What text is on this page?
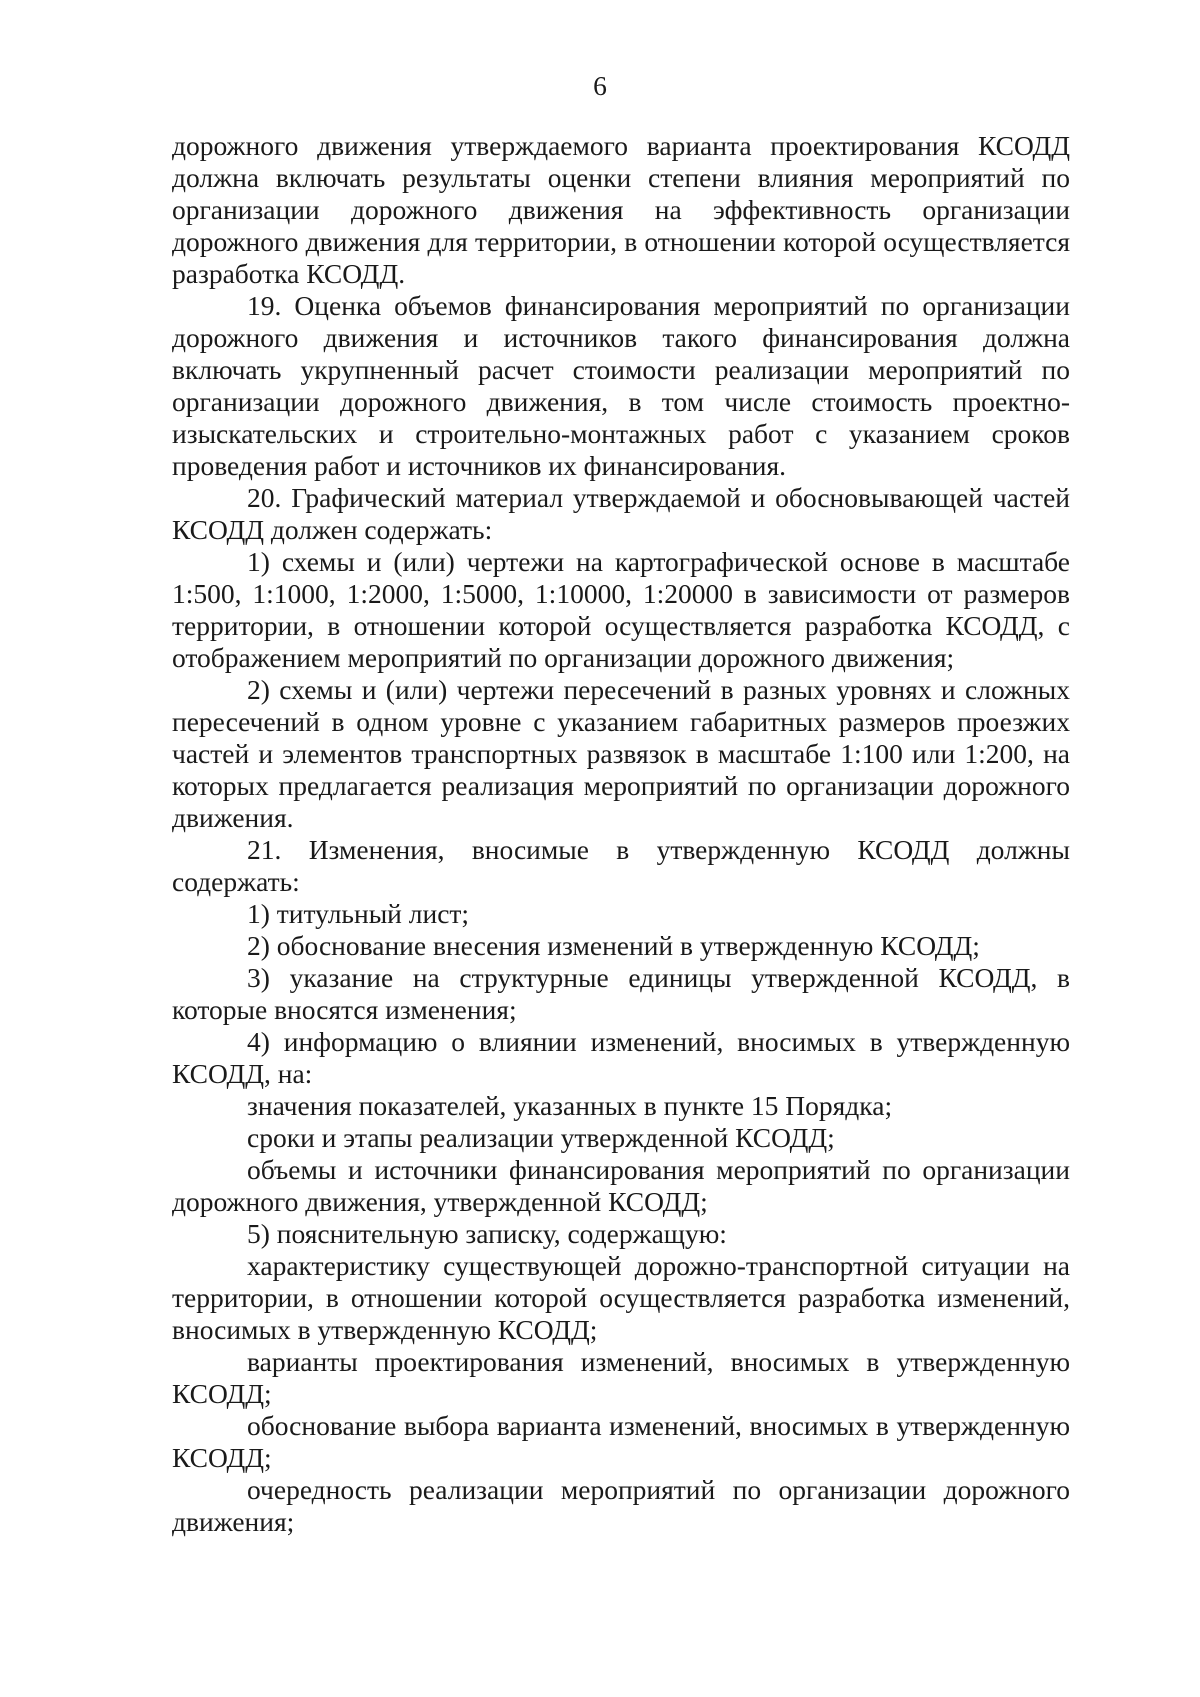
6

дорожного движения утверждаемого варианта проектирования КСОДД должна включать результаты оценки степени влияния мероприятий по организации дорожного движения на эффективность организации дорожного движения для территории, в отношении которой осуществляется разработка КСОДД.

19. Оценка объемов финансирования мероприятий по организации дорожного движения и источников такого финансирования должна включать укрупненный расчет стоимости реализации мероприятий по организации дорожного движения, в том числе стоимость проектно-изыскательских и строительно-монтажных работ с указанием сроков проведения работ и источников их финансирования.

20. Графический материал утверждаемой и обосновывающей частей КСОДД должен содержать:

1) схемы и (или) чертежи на картографической основе в масштабе 1:500, 1:1000, 1:2000, 1:5000, 1:10000, 1:20000 в зависимости от размеров территории, в отношении которой осуществляется разработка КСОДД, с отображением мероприятий по организации дорожного движения;

2) схемы и (или) чертежи пересечений в разных уровнях и сложных пересечений в одном уровне с указанием габаритных размеров проезжих частей и элементов транспортных развязок в масштабе 1:100 или 1:200, на которых предлагается реализация мероприятий по организации дорожного движения.

21. Изменения, вносимые в утвержденную КСОДД должны содержать:

1) титульный лист;

2) обоснование внесения изменений в утвержденную КСОДД;

3) указание на структурные единицы утвержденной КСОДД, в которые вносятся изменения;

4) информацию о влиянии изменений, вносимых в утвержденную КСОДД, на:

значения показателей, указанных в пункте 15 Порядка;

сроки и этапы реализации утвержденной КСОДД;

объемы и источники финансирования мероприятий по организации дорожного движения, утвержденной КСОДД;

5) пояснительную записку, содержащую:

характеристику существующей дорожно-транспортной ситуации на территории, в отношении которой осуществляется разработка изменений, вносимых в утвержденную КСОДД;

варианты проектирования изменений, вносимых в утвержденную КСОДД;

обоснование выбора варианта изменений, вносимых в утвержденную КСОДД;

очередность реализации мероприятий по организации дорожного движения;
